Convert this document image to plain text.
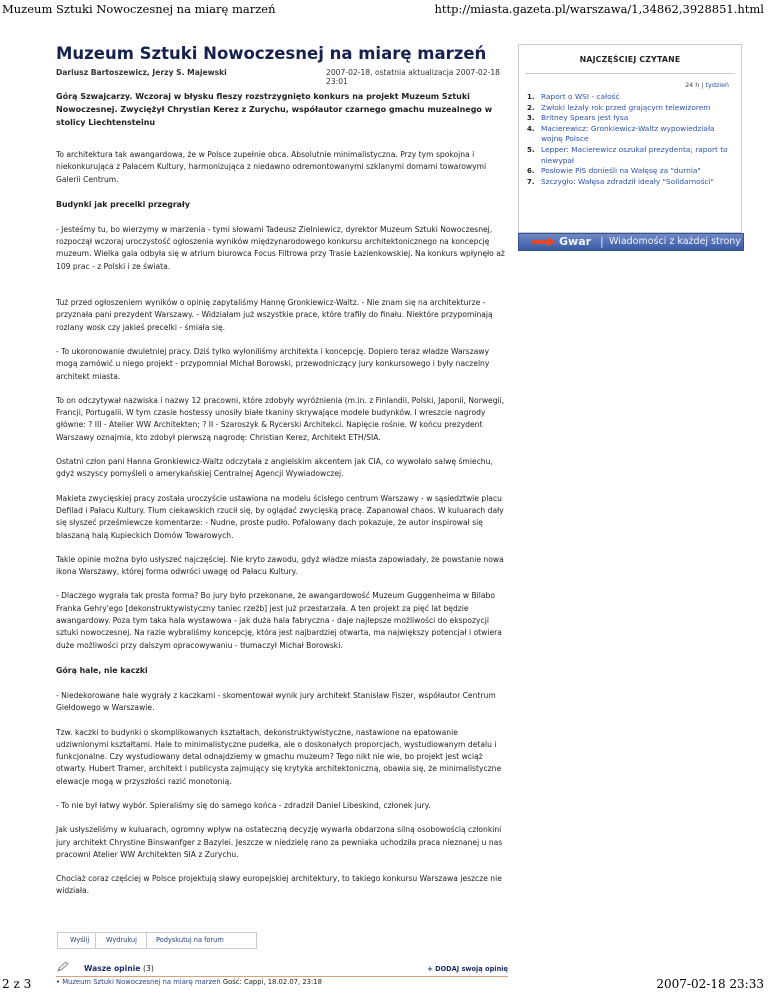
Muzeum Sztuki Nowoczesnej na miarę marzeń	http://miasta.gazeta.pl/warszawa/1,34862,3928851.html
Muzeum Sztuki Nowoczesnej na miarę marzeń
Dariusz Bartoszewicz, Jerzy S. Majewski	2007-02-18, ostatnia aktualizacja 2007-02-18 23:01
Górą Szwajcarzy. Wczoraj w błysku fleszy rozstrzygnięto konkurs na projekt Muzeum Sztuki Nowoczesnej. Zwyciężył Chrystian Kerez z Zurychu, współautor czarnego gmachu muzealnego w stolicy Liechtensteinu

To architektura tak awangardowa, że w Polsce zupełnie obca. Absolutnie minimalistyczna. Przy tym spokojna i niekonkurująca z Pałacem Kultury, harmonizująca z niedawno odremontowanymi szklanymi domami towarowymi Galerii Centrum.

Budynki jak precelki przegrały

- Jesteśmy tu, bo wierzymy w marzenia - tymi słowami Tadeusz Zielniewicz, dyrektor Muzeum Sztuki Nowoczesnej, rozpoczął wczoraj uroczystość ogłoszenia wyników międzynarodowego konkursu architektonicznego na koncepcję muzeum. Wielka gala odbyła się w atrium biurowca Focus Filtrowa przy Trasie Łazienkowskiej. Na konkurs wpłynęło aż 109 prac - z Polski i ze świata.

Tuż przed ogłoszeniem wyników o opinię zapytaliśmy Hannę Gronkiewicz-Waltz. - Nie znam się na architekturze - przyznała pani prezydent Warszawy. - Widziałam już wszystkie prace, które trafiły do finału. Niektóre przypominają rozlany wosk czy jakieś precelki - śmiała się.

- To ukoronowanie dwuletniej pracy. Dziś tylko wyłoniliśmy architekta i koncepcję. Dopiero teraz władze Warszawy mogą zamówić u niego projekt - przypomniał Michał Borowski, przewodniczący jury konkursowego i były naczelny architekt miasta.

To on odczytywał nazwiska i nazwy 12 pracowni, które zdobyły wyróżnienia (m.in. z Finlandii, Polski, Japonii, Norwegii, Francji, Portugalii. W tym czasie hostessy unosiły białe tkaniny skrywające modele budynków. I wreszcie nagrody główne: ? III - Atelier WW Architekten; ? II - Szaroszyk & Rycerski Architekci. Napięcie rośnie. W końcu prezydent Warszawy oznajmia, kto zdobył pierwszą nagrodę: Christian Kerez, Architekt ETH/SIA.

Ostatni człon pani Hanna Gronkiewicz-Waltz odczytała z angielskim akcentem jak CIA, co wywołało salwę śmiechu, gdyż wszyscy pomyśleli o amerykańskiej Centralnej Agencji Wywiadowczej.

Makieta zwycięskiej pracy została uroczyście ustawiona na modelu ścisłego centrum Warszawy - w sąsiedztwie placu Defilad i Pałacu Kultury. Tłum ciekawskich rzucił się, by oglądać zwycięską pracę. Zapanował chaos. W kuluarach dały się słyszeć prześmiewcze komentarze: - Nudne, proste pudło. Pofalowany dach pokazuje, że autor inspirował się blaszaną halą Kupieckich Domów Towarowych.

Takie opinie można było usłyszeć najczęściej. Nie kryto zawodu, gdyż władze miasta zapowiadały, że powstanie nowa ikona Warszawy, której forma odwróci uwagę od Pałacu Kultury.

- Dlaczego wygrała tak prosta forma? Bo jury było przekonane, że awangardowość Muzeum Guggenheima w Bilabo Franka Gehry'ego [dekonstruktywistyczny taniec rzeźb] jest już przestarzała. A ten projekt za pięć lat będzie awangardowy. Poza tym taka hala wystawowa - jak duża hala fabryczna - daje najlepsze możliwości do ekspozycji sztuki nowoczesnej. Na razie wybraliśmy koncepcję, która jest najbardziej otwarta, ma największy potencjał i otwiera duże możliwości przy dalszym opracowywaniu - tłumaczył Michał Borowski.

Górą hale, nie kaczki

- Niedekorowane hale wygrały z kaczkami - skomentował wynik jury architekt Stanisław Fiszer, współautor Centrum Giełdowego w Warszawie.

Tzw. kaczki to budynki o skomplikowanych kształtach, dekonstruktywistyczne, nastawione na epatowanie udziwnionymi kształtami. Hale to minimalistyczne pudełka, ale o doskonałych proporcjach, wystudiowanym detalu i funkcjonalne. Czy wystudiowany detal odnajdziemy w gmachu muzeum? Tego nikt nie wie, bo projekt jest wciąż otwarty. Hubert Tramer, architekt i publicysta zajmujący się krytyka architektoniczną, obawia się, że minimalistyczne elewacje mogą w przyszłości razić monotonią.

- To nie był łatwy wybór. Spieraliśmy się do samego końca - zdradził Daniel Libeskind, członek jury.

Jak usłyszeliśmy w kuluarach, ogromny wpływ na ostateczną decyzję wywarła obdarzona silną osobowością członkini jury architekt Chrystine Binswanfger z Bazylei. Jeszcze w niedzielę rano za pewniaka uchodziła praca nieznanej u nas pracowni Atelier WW Architekten SIA z Zurychu.

Chociaż coraz częściej w Polsce projektują sławy europejskiej architektury, to takiego konkursu Warszawa jeszcze nie widziała.

Wyślij	Wydrukuj	Podyskutuj na forum
Wasze opinie (3)	+ DODAJ swoją opinię
• Muzeum Sztuki Nowoczesnej na miarę marzeń Gość: Cappi, 18.02.07, 23:18
NAJCZĘŚCIEJ CZYTANE
24 h | tydzień
1. Raport o WSI - całość
2. Zwłoki leżały rok przed grającym telewizorem
3. Britney Spears jest łysa
4. Macierewicz: Gronkiewicz-Waltz wypowiedziała wojnę Polsce
5. Lepper: Macierewicz oszukał prezydenta; raport to niewypał
6. Posłowie PiS donieśli na Wałęsę za "durnia"
7. Szczygło: Wałęsa zdradził ideały "Solidarności"
Gwar | Wiadomości z każdej strony
2 z 3	2007-02-18 23:33
